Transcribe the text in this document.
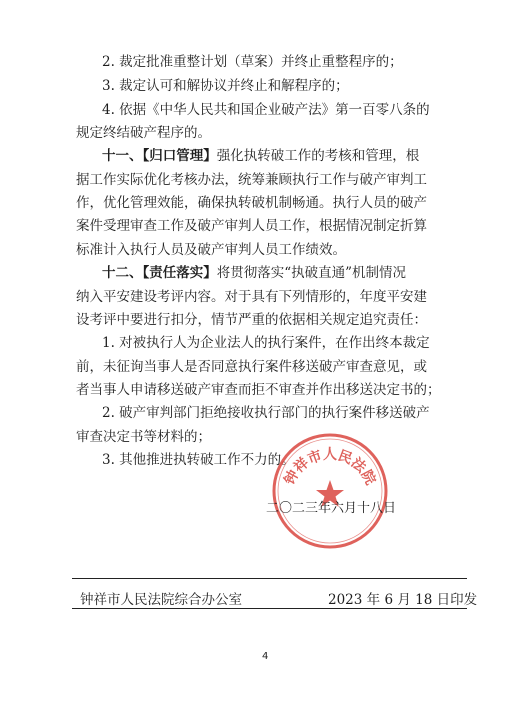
2. 裁定批准重整计划（草案）并终止重整程序的；
3. 裁定认可和解协议并终止和解程序的；
4. 依据《中华人民共和国企业破产法》第一百零八条的
规定终结破产程序的。
十一、【归口管理】强化执转破工作的考核和管理，根
据工作实际优化考核办法，统筹兼顾执行工作与破产审判工
作，优化管理效能，确保执转破机制畅通。执行人员的破产
案件受理审查工作及破产审判人员工作，根据情况制定折算
标准计入执行人员及破产审判人员工作绩效。
十二、【责任落实】将贯彻落实“执破直通”机制情况
纳入平安建设考评内容。对于具有下列情形的，年度平安建
设考评中要进行扣分，情节严重的依据相关规定追究责任：
1. 对被执行人为企业法人的执行案件，在作出终本裁定
前，未征询当事人是否同意执行案件移送破产审查意见，或
者当事人申请移送破产审查而拒不审查并作出移送决定书的；
2. 破产审判部门拒绝接收执行部门的执行案件移送破产
审查决定书等材料的；
3. 其他推进执转破工作不力的。
钟祥市人民法院
二〇二三年六月十八日
钟祥市人民法院综合办公室	2023 年 6 月 18 日印发
4
